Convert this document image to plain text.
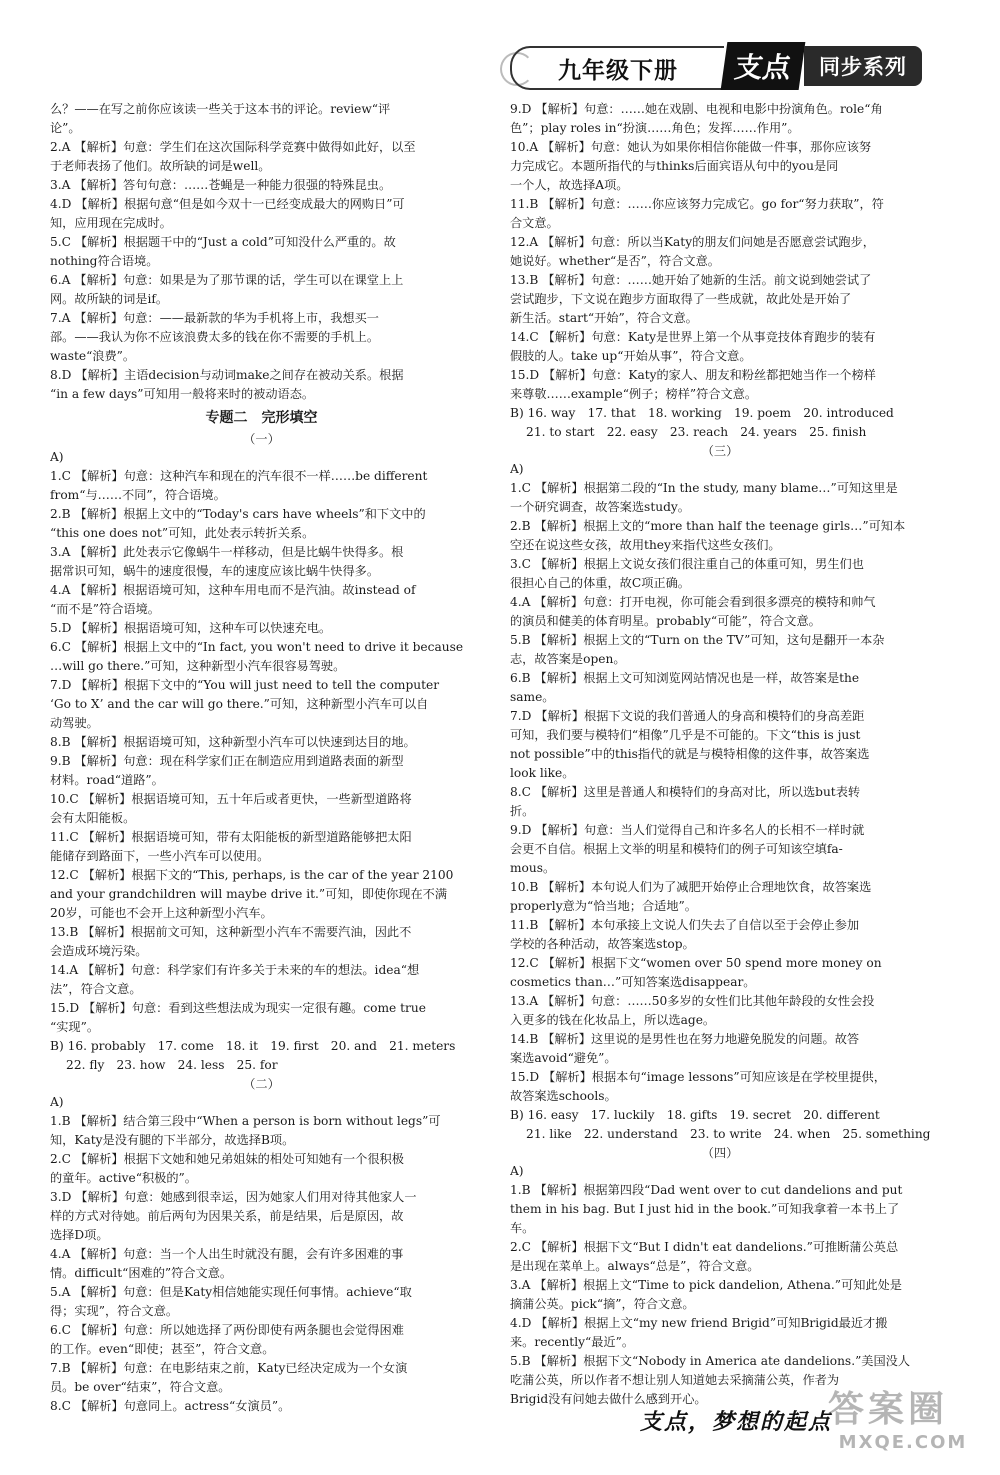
九年级下册	支点	同步系列
么？——在写之前你应该读一些关于这本书的评论。review“评
论”。
2.A 【解析】句意：学生们在这次国际科学竞赛中做得如此好，以至
于老师表扬了他们。故所缺的词是well。
3.A 【解析】答句句意：……苍蝇是一种能力很强的特殊昆虫。
4.D 【解析】根据句意“但是如今双十一已经变成最大的网购日”可
知，应用现在完成时。
5.C 【解析】根据题干中的“Just a cold”可知没什么严重的。故
nothing符合语境。
6.A 【解析】句意：如果是为了那节课的话，学生可以在课堂上上
网。故所缺的词是if。
7.A 【解析】句意：——最新款的华为手机将上市，我想买一
部。——我认为你不应该浪费太多的钱在你不需要的手机上。
waste“浪费”。
8.D 【解析】主语decision与动词make之间存在被动关系。根据
“in a few days”可知用一般将来时的被动语态。
专题二　完形填空
（一）
A)
1.C 【解析】句意：这种汽车和现在的汽车很不一样……be different
from“与……不同”，符合语境。
2.B 【解析】根据上文中的“Today's cars have wheels”和下文中的
“this one does not”可知，此处表示转折关系。
3.A 【解析】此处表示它像蜗牛一样移动，但是比蜗牛快得多。根
据常识可知，蜗牛的速度很慢，车的速度应该比蜗牛快得多。
4.A 【解析】根据语境可知，这种车用电而不是汽油。故instead of
“而不是”符合语境。
5.D 【解析】根据语境可知，这种车可以快速充电。
6.C 【解析】根据上文中的“In fact, you won't need to drive it because
…will go there.”可知，这种新型小汽车很容易驾驶。
7.D 【解析】根据下文中的“You will just need to tell the computer
‘Go to X’ and the car will go there.”可知，这种新型小汽车可以自
动驾驶。
8.B 【解析】根据语境可知，这种新型小汽车可以快速到达目的地。
9.B 【解析】句意：现在科学家们正在制造应用到道路表面的新型
材料。road“道路”。
10.C 【解析】根据语境可知，五十年后或者更快，一些新型道路将
会有太阳能板。
11.C 【解析】根据语境可知，带有太阳能板的新型道路能够把太阳
能储存到路面下，一些小汽车可以使用。
12.C 【解析】根据下文的“This, perhaps, is the car of the year 2100
and your grandchildren will maybe drive it.”可知，即使你现在不满
20岁，可能也不会开上这种新型小汽车。
13.B 【解析】根据前文可知，这种新型小汽车不需要汽油，因此不
会造成环境污染。
14.A 【解析】句意：科学家们有许多关于未来的车的想法。idea“想
法”，符合文意。
15.D 【解析】句意：看到这些想法成为现实一定很有趣。come true
“实现”。
B) 16. probably　17. come　18. it　19. first　20. and　21. meters
　 22. fly　23. how　24. less　25. for
（二）
A)
1.B 【解析】结合第三段中“When a person is born without legs”可
知，Katy是没有腿的下半部分，故选择B项。
2.C 【解析】根据下文她和她兄弟姐妹的相处可知她有一个很积极
的童年。active“积极的”。
3.D 【解析】句意：她感到很幸运，因为她家人们用对待其他家人一
样的方式对待她。前后两句为因果关系，前是结果，后是原因，故
选择D项。
4.A 【解析】句意：当一个人出生时就没有腿，会有许多困难的事
情。difficult“困难的”符合文意。
5.A 【解析】句意：但是Katy相信她能实现任何事情。achieve“取
得；实现”，符合文意。
6.C 【解析】句意：所以她选择了两份即使有两条腿也会觉得困难
的工作。even“即使；甚至”，符合文意。
7.B 【解析】句意：在电影结束之前，Katy已经决定成为一个女演
员。be over“结束”，符合文意。
8.C 【解析】句意同上。actress“女演员”。
9.D 【解析】句意：……她在戏剧、电视和电影中扮演角色。role“角
色”；play roles in“扮演……角色；发挥……作用”。
10.A 【解析】句意：她认为如果你相信你能做一件事，那你应该努
力完成它。本题所指代的与thinks后面宾语从句中的you是同
一个人，故选择A项。
11.B 【解析】句意：……你应该努力完成它。go for“努力获取”，符
合文意。
12.A 【解析】句意：所以当Katy的朋友们问她是否愿意尝试跑步，
她说好。whether“是否”，符合文意。
13.B 【解析】句意：……她开始了她新的生活。前文说到她尝试了
尝试跑步，下文说在跑步方面取得了一些成就，故此处是开始了
新生活。start“开始”，符合文意。
14.C 【解析】句意：Katy是世界上第一个从事竞技体育跑步的装有
假肢的人。take up“开始从事”，符合文意。
15.D 【解析】句意：Katy的家人、朋友和粉丝都把她当作一个榜样
来尊敬……example“例子；榜样”符合文意。
B) 16. way　17. that　18. working　19. poem　20. introduced
　 21. to start　22. easy　23. reach　24. years　25. finish
（三）
A)
1.C 【解析】根据第二段的“In the study, many blame…”可知这里是
一个研究调查，故答案选study。
2.B 【解析】根据上文的“more than half the teenage girls…”可知本
空还在说这些女孩，故用they来指代这些女孩们。
3.C 【解析】根据上文说女孩们很注重自己的体重可知，男生们也
很担心自己的体重，故C项正确。
4.A 【解析】句意：打开电视，你可能会看到很多漂亮的模特和帅气
的演员和健美的体育明星。probably“可能”，符合文意。
5.B 【解析】根据上文的“Turn on the TV”可知，这句是翻开一本杂
志，故答案是open。
6.B 【解析】根据上文可知浏览网站情况也是一样，故答案是the
same。
7.D 【解析】根据下文说的我们普通人的身高和模特们的身高差距
可知，我们要与模特们“相像”几乎是不可能的。下文“this is just
not possible”中的this指代的就是与模特相像的这件事，故答案选
look like。
8.C 【解析】这里是普通人和模特们的身高对比，所以选but表转
折。
9.D 【解析】句意：当人们觉得自己和许多名人的长相不一样时就
会更不自信。根据上文举的明星和模特们的例子可知该空填fa-
mous。
10.B 【解析】本句说人们为了减肥开始停止合理地饮食，故答案选
properly意为“恰当地；合适地”。
11.B 【解析】本句承接上文说人们失去了自信以至于会停止参加
学校的各种活动，故答案选stop。
12.C 【解析】根据下文“women over 50 spend more money on
cosmetics than…”可知答案选disappear。
13.A 【解析】句意：……50多岁的女性们比其他年龄段的女性会投
入更多的钱在化妆品上，所以选age。
14.B 【解析】这里说的是男性也在努力地避免脱发的问题。故答
案选avoid“避免”。
15.D 【解析】根据本句“image lessons”可知应该是在学校里提供，
故答案选schools。
B) 16. easy　17. luckily　18. gifts　19. secret　20. different
　 21. like　22. understand　23. to write　24. when　25. something
（四）
A)
1.B 【解析】根据第四段“Dad went over to cut dandelions and put
them in his bag. But I just hid in the book.”可知我拿着一本书上了
车。
2.C 【解析】根据下文“But I didn't eat dandelions.”可推断蒲公英总
是出现在菜单上。always“总是”，符合文意。
3.A 【解析】根据上文“Time to pick dandelion, Athena.”可知此处是
摘蒲公英。pick“摘”，符合文意。
4.D 【解析】根据上文“my new friend Brigid”可知Brigid最近才搬
来。recently“最近”。
5.B 【解析】根据下文“Nobody in America ate dandelions.”美国没人
吃蒲公英，所以作者不想让别人知道她去采摘蒲公英，作者为
Brigid没有问她去做什么感到开心。
支点，梦想的起点
答案圈
MXQE.COM
